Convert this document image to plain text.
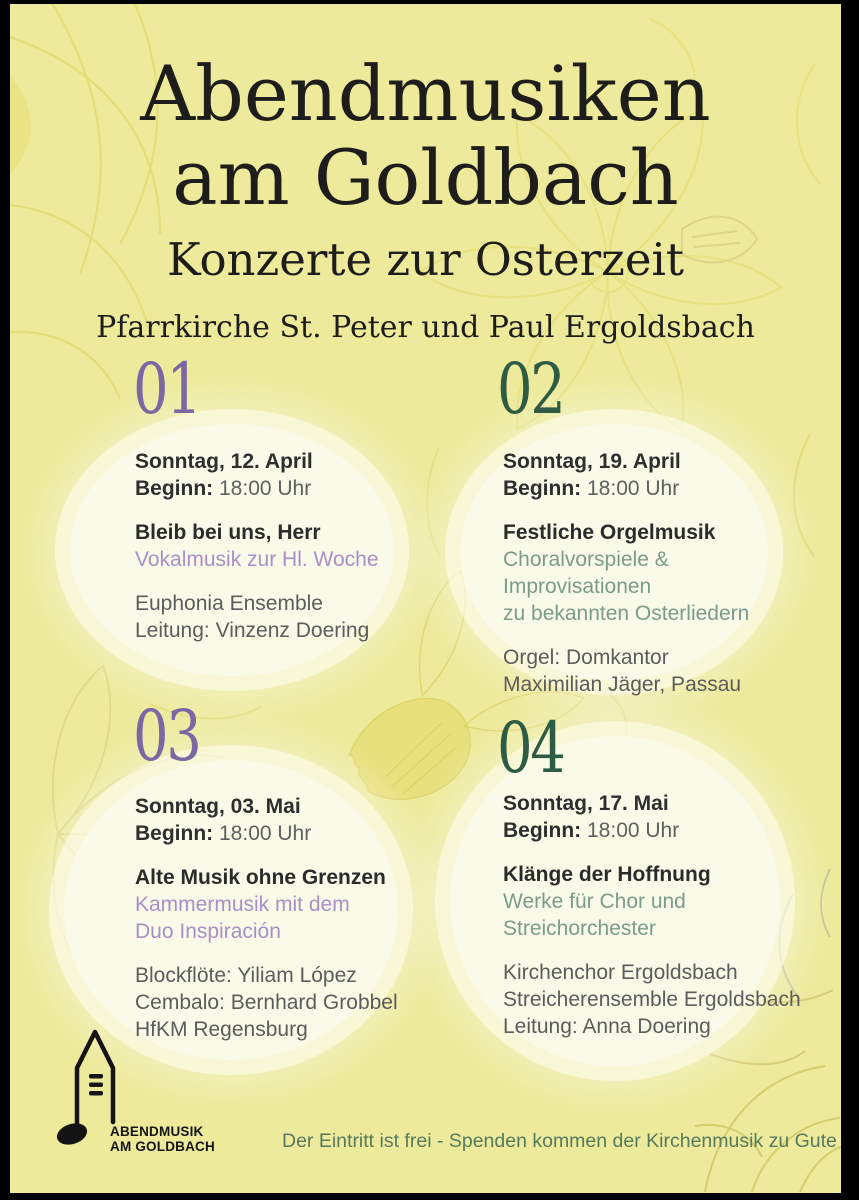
Abendmusiken
am Goldbach
Konzerte zur Osterzeit
Pfarrkirche St. Peter und Paul Ergoldsbach
01	02
03	04
Sonntag, 12. April
Beginn: 18:00 Uhr
Bleib bei uns, Herr
Vokalmusik zur Hl. Woche
Euphonia Ensemble
Leitung: Vinzenz Doering
Sonntag, 19. April
Beginn: 18:00 Uhr
Festliche Orgelmusik
Choralvorspiele & Improvisationen
zu bekannten Osterliedern
Orgel: Domkantor
Maximilian Jäger, Passau
Sonntag, 03. Mai
Beginn: 18:00 Uhr
Alte Musik ohne Grenzen
Kammermusik mit dem
Duo Inspiración
Blockflöte: Yiliam López
Cembalo: Bernhard Grobbel
HfKM Regensburg
Sonntag, 17. Mai
Beginn: 18:00 Uhr
Klänge der Hoffnung
Werke für Chor und
Streichorchester
Kirchenchor Ergoldsbach
Streicherensemble Ergoldsbach
Leitung: Anna Doering
ABENDMUSIK
AM GOLDBACH	Der Eintritt ist frei - Spenden kommen der Kirchenmusik zu Gute
